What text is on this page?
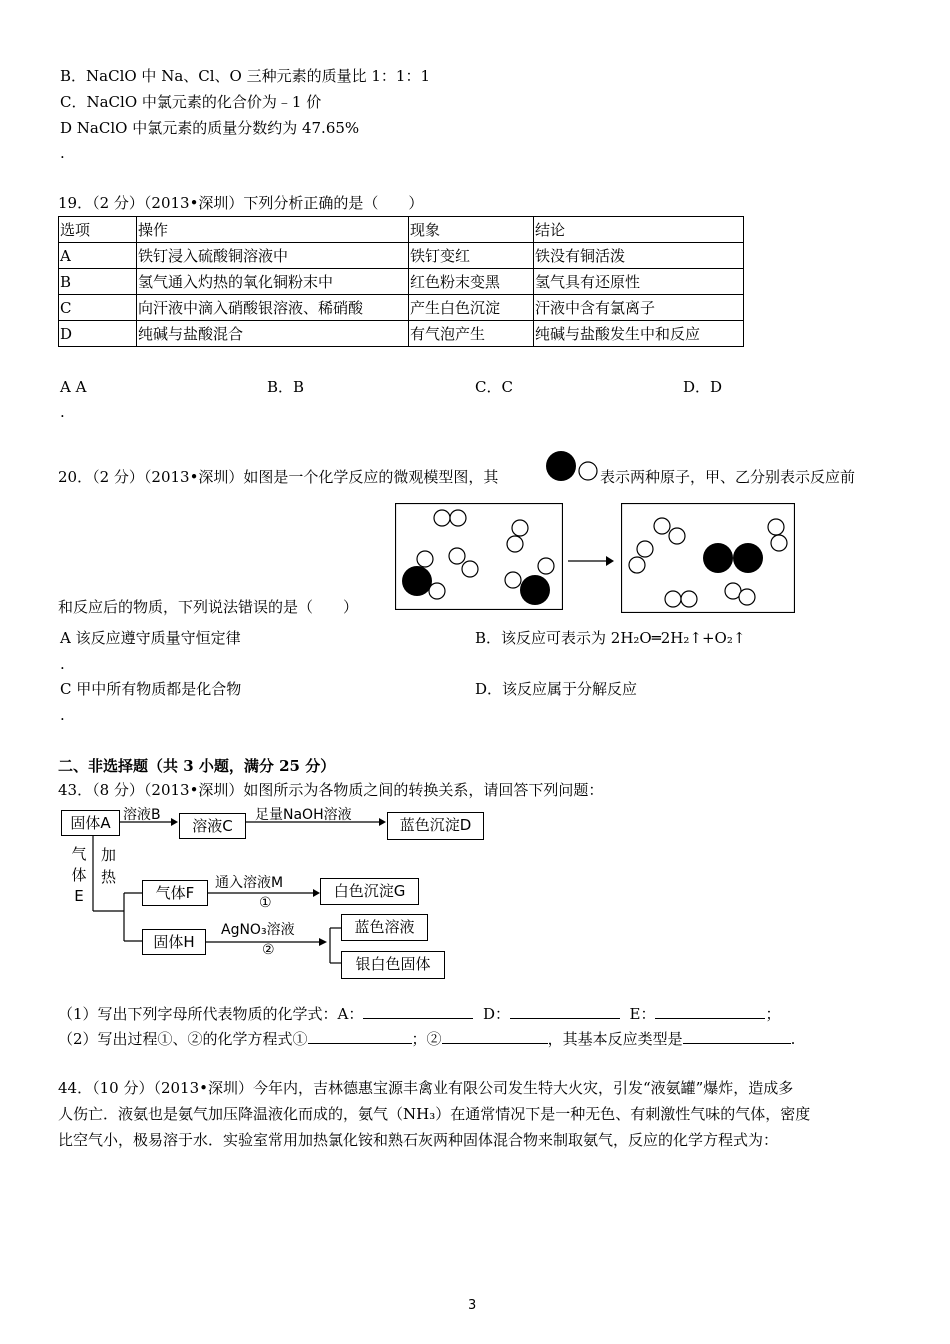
B．NaClO 中 Na、Cl、O 三种元素的质量比 1：1：1
C．NaClO 中氯元素的化合价为﹣1 价
D NaClO 中氯元素的质量分数约为 47.65%
.
19．（2 分）（2013•深圳）下列分析正确的是（　　）
选项	操作	现象	结论
A	铁钉浸入硫酸铜溶液中	铁钉变红	铁没有铜活泼
B	氢气通入灼热的氧化铜粉末中	红色粉末变黑	氢气具有还原性
C	向汗液中滴入硝酸银溶液、稀硝酸	产生白色沉淀	汗液中含有氯离子
D	纯碱与盐酸混合	有气泡产生	纯碱与盐酸发生中和反应
A A	B．B	C．C	D．D
.
20．（2 分）（2013•深圳）如图是一个化学反应的微观模型图，其	表示两种原子，甲、乙分别表示反应前
和反应后的物质，下列说法错误的是（　　）
A 该反应遵守质量守恒定律	B．该反应可表示为 2H₂O═2H₂↑+O₂↑
.
C 甲中所有物质都是化合物	D．该反应属于分解反应
.
二、非选择题（共 3 小题，满分 25 分）
43．（8 分）（2013•深圳）如图所示为各物质之间的转换关系，请回答下列问题：
固体A 溶液B
溶液C
足量NaOH溶液
蓝色沉淀D
气
体
E
加
热
气体F
通入溶液M
①
白色沉淀G
固体H
AgNO₃溶液
②
蓝色溶液
银白色固体
（1）写出下列字母所代表物质的化学式：A：	D：	E：	；
（2）写出过程①、②的化学方程式①	；②	，其基本反应类型是	.
44．（10 分）（2013•深圳）今年内，吉林德惠宝源丰禽业有限公司发生特大火灾，引发“液氨罐”爆炸，造成多
人伤亡．液氨也是氨气加压降温液化而成的，氨气（NH₃）在通常情况下是一种无色、有刺激性气味的气体，密度
比空气小，极易溶于水．实验室常用加热氯化铵和熟石灰两种固体混合物来制取氨气，反应的化学方程式为：
3
